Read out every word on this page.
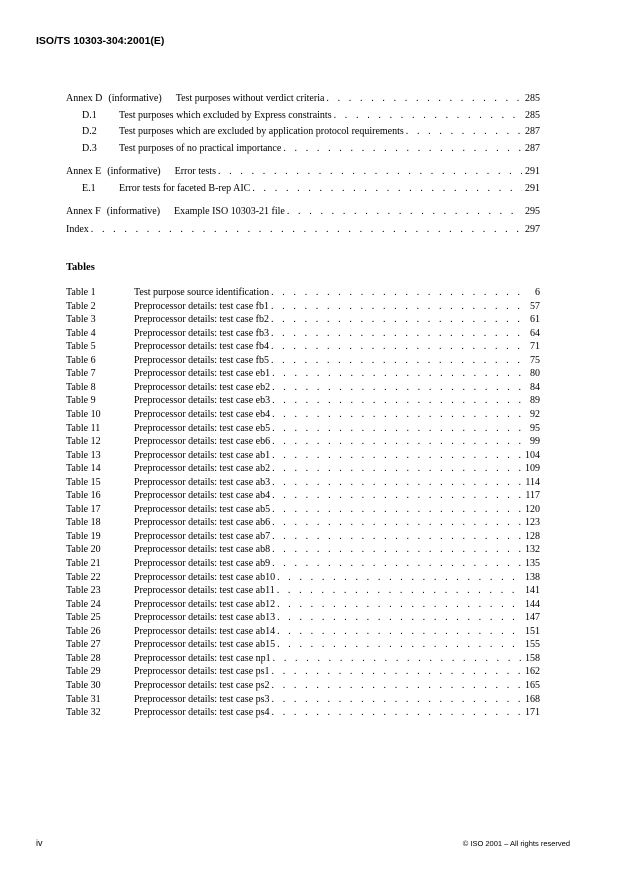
ISO/TS 10303-304:2001(E)
Annex D (informative) Test purposes without verdict criteria . . .	285
D.1	Test purposes which excluded by Express constraints . . .	285
D.2	Test purposes which are excluded by application protocol requirements . . .	287
D.3	Test purposes of no practical importance . . .	287
Annex E (informative) Error tests . . .	291
E.1	Error tests for faceted B-rep AIC . . .	291
Annex F (informative) Example ISO 10303-21 file . . .	295
Index . . .	297
Tables
Table 1	Test purpose source identification . . .	6
Table 2	Preprocessor details: test case fb1 . . .	57
Table 3	Preprocessor details: test case fb2 . . .	61
Table 4	Preprocessor details: test case fb3 . . .	64
Table 5	Preprocessor details: test case fb4 . . .	71
Table 6	Preprocessor details: test case fb5 . . .	75
Table 7	Preprocessor details: test case eb1 . . .	80
Table 8	Preprocessor details: test case eb2 . . .	84
Table 9	Preprocessor details: test case eb3 . . .	89
Table 10	Preprocessor details: test case eb4 . . .	92
Table 11	Preprocessor details: test case eb5 . . .	95
Table 12	Preprocessor details: test case eb6 . . .	99
Table 13	Preprocessor details: test case ab1 . . .	104
Table 14	Preprocessor details: test case ab2 . . .	109
Table 15	Preprocessor details: test case ab3 . . .	114
Table 16	Preprocessor details: test case ab4 . . .	117
Table 17	Preprocessor details: test case ab5 . . .	120
Table 18	Preprocessor details: test case ab6 . . .	123
Table 19	Preprocessor details: test case ab7 . . .	128
Table 20	Preprocessor details: test case ab8 . . .	132
Table 21	Preprocessor details: test case ab9 . . .	135
Table 22	Preprocessor details: test case ab10 . . .	138
Table 23	Preprocessor details: test case ab11 . . .	141
Table 24	Preprocessor details: test case ab12 . . .	144
Table 25	Preprocessor details: test case ab13 . . .	147
Table 26	Preprocessor details: test case ab14 . . .	151
Table 27	Preprocessor details: test case ab15 . . .	155
Table 28	Preprocessor details: test case np1 . . .	158
Table 29	Preprocessor details: test case ps1 . . .	162
Table 30	Preprocessor details: test case ps2 . . .	165
Table 31	Preprocessor details: test case ps3 . . .	168
Table 32	Preprocessor details: test case ps4 . . .	171
iv	© ISO 2001 – All rights reserved
